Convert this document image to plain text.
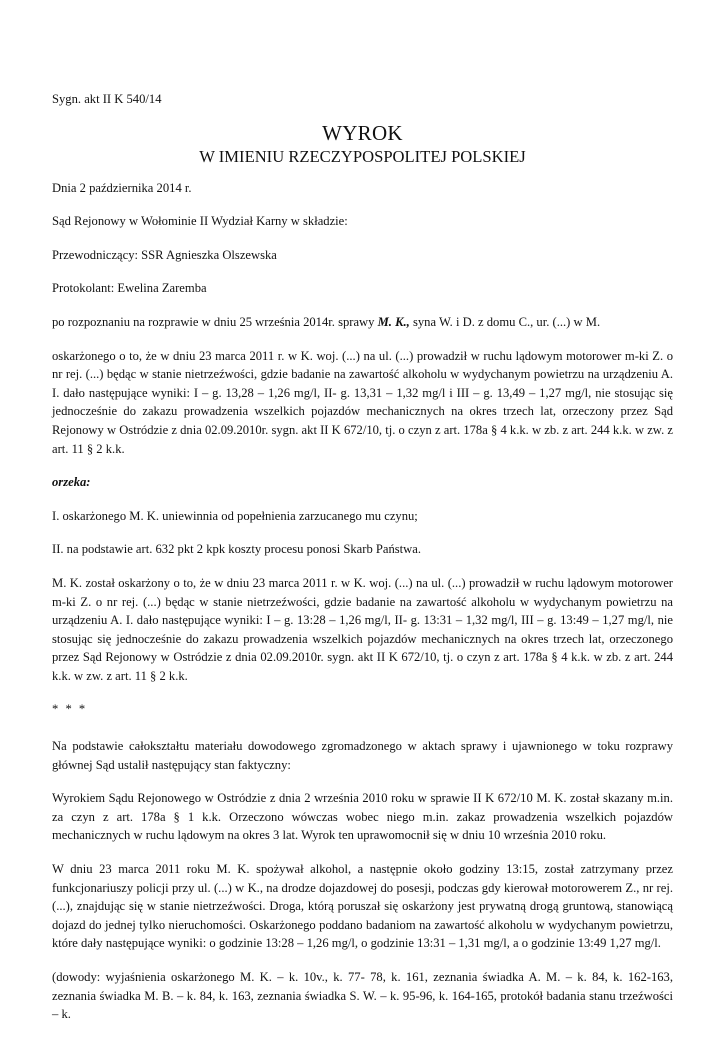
Sygn. akt II K 540/14

WYROK
W IMIENIU RZECZYPOSPOLITEJ POLSKIEJ

Dnia 2 października 2014 r.

Sąd Rejonowy w Wołominie II Wydział Karny w składzie:

Przewodniczący: SSR Agnieszka Olszewska

Protokolant: Ewelina Zaremba

po rozpoznaniu na rozprawie w dniu 25 września 2014r. sprawy M. K., syna W. i D. z domu C., ur. (...) w M.

oskarżonego o to, że w dniu 23 marca 2011 r. w K. woj. (...) na ul. (...) prowadził w ruchu lądowym motorower m-ki Z. o nr rej. (...) będąc w stanie nietrzeźwości, gdzie badanie na zawartość alkoholu w wydychanym powietrzu na urządzeniu A. I. dało następujące wyniki: I – g. 13,28 – 1,26 mg/l, II- g. 13,31 – 1,32 mg/l i III – g. 13,49 – 1,27 mg/l, nie stosując się jednocześnie do zakazu prowadzenia wszelkich pojazdów mechanicznych na okres trzech lat, orzeczony przez Sąd Rejonowy w Ostródzie z dnia 02.09.2010r. sygn. akt II K 672/10, tj. o czyn z art. 178a § 4 k.k. w zb. z art. 244 k.k. w zw. z art. 11 § 2 k.k.

orzeka:

I. oskarżonego M. K. uniewinnia od popełnienia zarzucanego mu czynu;

II. na podstawie art. 632 pkt 2 kpk koszty procesu ponosi Skarb Państwa.

M. K. został oskarżony o to, że w dniu 23 marca 2011 r. w K. woj. (...) na ul. (...) prowadził w ruchu lądowym motorower m-ki Z. o nr rej. (...) będąc w stanie nietrzeźwości, gdzie badanie na zawartość alkoholu w wydychanym powietrzu na urządzeniu A. I. dało następujące wyniki: I – g. 13:28 – 1,26 mg/l, II- g. 13:31 – 1,32 mg/l, III – g. 13:49 – 1,27 mg/l, nie stosując się jednocześnie do zakazu prowadzenia wszelkich pojazdów mechanicznych na okres trzech lat, orzeczonego przez Sąd Rejonowy w Ostródzie z dnia 02.09.2010r. sygn. akt II K 672/10, tj. o czyn z art. 178a § 4 k.k. w zb. z art. 244 k.k. w zw. z art. 11 § 2 k.k.

* * *

Na podstawie całokształtu materiału dowodowego zgromadzonego w aktach sprawy i ujawnionego w toku rozprawy głównej Sąd ustalił następujący stan faktyczny:

Wyrokiem Sądu Rejonowego w Ostródzie z dnia 2 września 2010 roku w sprawie II K 672/10 M. K. został skazany m.in. za czyn z art. 178a § 1 k.k. Orzeczono wówczas wobec niego m.in. zakaz prowadzenia wszelkich pojazdów mechanicznych w ruchu lądowym na okres 3 lat. Wyrok ten uprawomocnił się w dniu 10 września 2010 roku.

W dniu 23 marca 2011 roku M. K. spożywał alkohol, a następnie około godziny 13:15, został zatrzymany przez funkcjonariuszy policji przy ul. (...) w K., na drodze dojazdowej do posesji, podczas gdy kierował motorowerem Z., nr rej. (...), znajdując się w stanie nietrzeźwości. Droga, którą poruszał się oskarżony jest prywatną drogą gruntową, stanowiącą dojazd do jednej tylko nieruchomości. Oskarżonego poddano badaniom na zawartość alkoholu w wydychanym powietrzu, które dały następujące wyniki: o godzinie 13:28 – 1,26 mg/l, o godzinie 13:31 – 1,31 mg/l, a o godzinie 13:49 1,27 mg/l.

(dowody: wyjaśnienia oskarżonego M. K. – k. 10v., k. 77- 78, k. 161, zeznania świadka A. M. – k. 84, k. 162-163, zeznania świadka M. B. – k. 84, k. 163, zeznania świadka S. W. – k. 95-96, k. 164-165, protokół badania stanu trzeźwości – k.
